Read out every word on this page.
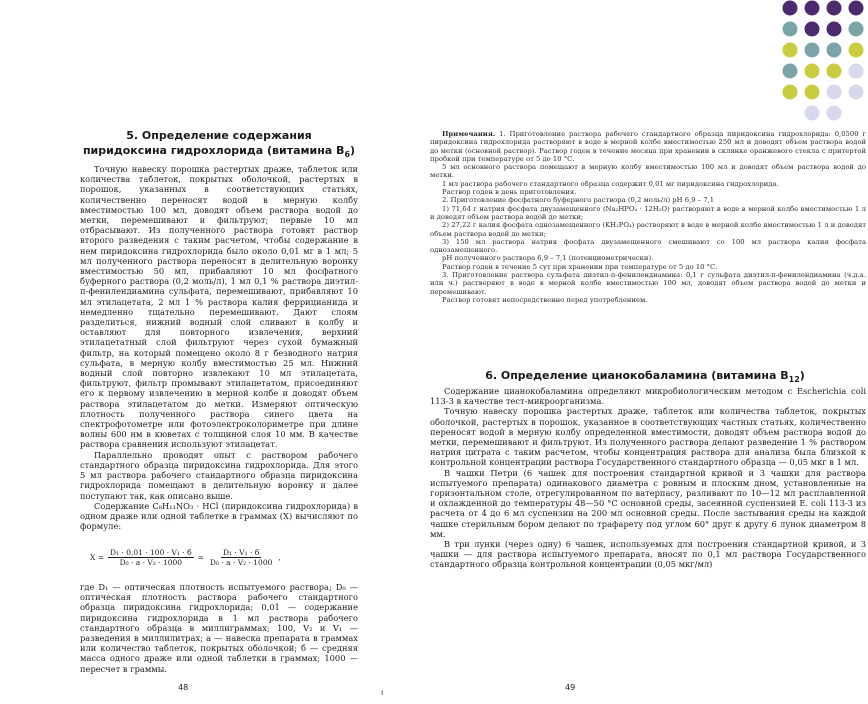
5. Определение содержания
пиридоксина гидрохлорида (витамина $B_6$)

Точную навеску порошка растертых драже, таблеток или количества таблеток, покрытых оболочкой, растертых в порошок, указанных в соответствующих статьях, количественно переносят водой в мерную колбу вместимостью 100 мл, доводят объем раствора водой до метки, перемешивают и фильтруют; первые 10 мл отбрасывают. Из полученного раствора готовят раствор второго разведения с таким расчетом, чтобы содержание в нем пиридоксина гидрохлорида было около 0,01 мг в 1 мл; 5 мл полученного раствора переносят в делительную воронку вместимостью 50 мл, прибавляют 10 мл фосфатного буферного раствора (0,2 моль/л), 1 мл 0,1 % раствора диэтил-п-фенилендиамина сульфата, перемешивают, прибавляют 10 мл этилацетата, 2 мл 1 % раствора калия феррицианида и немедленно тщательно перемешивают. Дают слоям разделиться, нижний водный слой сливают в колбу и оставляют для повторного извлечения, верхний этилацетатный слой фильтруют через сухой бумажный фильтр, на который помещено около 8 г безводного натрия сульфата, в мерную колбу вместимостью 25 мл. Нижний водный слой повторно извлекают 10 мл этилацетата, фильтруют, фильтр промывают этилацетатом, присоединяют его к первому извлечению в мерной колбе и доводят объем раствора этилацетатом до метки. Измеряют оптическую плотность полученного раствора синего цвета на спектрофотометре или фотоэлектроколориметре при длине волны 600 нм в кюветах с толщиной слоя 10 мм. В качестве раствора сравнения используют этилацетат.

Параллельно проводят опыт с раствором рабочего стандартного образца пиридоксина гидрохлорида. Для этого 5 мл раствора рабочего стандартного образца пиридоксина гидрохлорида помещают в делительную воронку и далее поступают так, как описано выше.

Содержание C₈H₁₁NO₃ · HCl (пиридоксина гидрохлорида) в одном драже или одной таблетке в граммах (X) вычисляют по формуле:

$X = \frac{\text{D₁ · 0,01 · 100 · V₁ · б}}{\text{D₀ · a · V₂ · 1000}} = \frac{\text{D₁ · V₁ · б}}{\text{D₀ · a · V₂ · 1000}}$ ,

где D₁ — оптическая плотность испытуемого раствора; D₀ — оптическая плотность раствора рабочего стандартного образца пиридоксина гидрохлорида; 0,01 — содержание пиридоксина гидрохлорида в 1 мл раствора рабочего стандартного образца в миллиграммах; 100, V₂ и V₁ — разведения в миллилитрах; a — навеска препарата в граммах или количество таблеток, покрытых оболочкой; б — средняя масса одного драже или одной таблетки в граммах; 1000 — пересчет в граммы.

48
ı

Примечания. 1. Приготовление раствора рабочего стандартного образца пиридоксина гидрохлорида: 0,0500 г пиридоксина гидрохлорида растворяют в воде в мерной колбе вместимостью 250 мл и доводят объем раствора водой до метки (основной раствор). Раствор годен в течение месяца при хранении в склянке оранжевого стекла с притертой пробкой при температуре от 5 до 10 °С.

5 мл основного раствора помещают в мерную колбу вместимостью 100 мл и доводят объем раствора водой до метки.

1 мл раствора рабочего стандартного образца содержит 0,01 мг пиридоксина гидрохлорида.

Раствор годен в день приготовления.

2. Приготовление фосфатного буферного раствора (0,2 моль/л) pH 6,9 – 7,1

1) 71,64 г натрия фосфата двузамещенного (Na₂HPO₄ · 12H₂O) растворяют в воде в мерной колбе вместимостью 1 л и доводят объем раствора водой до метки;

2) 27,22 г калия фосфата однозамещенного (KH₂PO₄) растворяют в воде в мерной колбе вместимостью 1 л и доводят объем раствора водой до метки;

3) 150 мл раствора натрия фосфата двузамещенного смешивают со 100 мл раствора калия фосфата однозамещенного.

pH полученного раствора 6,9 – 7,1 (потенциометрически).

Раствор годен в течение 5 сут при хранении при температуре от 5 до 10 °С.

3. Приготовление раствора сульфата диэтил-п-фенилендиамина: 0,1 г сульфата диэтил-п-фенилендиамина (ч.д.а. или ч.) растворяют в воде в мерной колбе вместимостью 100 мл, доводят объем раствора водой до метки и перемешивают.

Раствор готовят непосредственно перед употреблением.

6. Определение цианокобаламина (витамина $B_{12}$)

Содержание цианокобаламина определяют микробиологическим методом с Escherichia coli 113-3 в качестве тест-микроорганизма.

Точную навеску порошка растертых драже, таблеток или количества таблеток, покрытых оболочкой, растертых в порошок, указанное в соответствующих частных статьях, количественно переносят водой в мерную колбу определенной вместимости, доводят объем раствора водой до метки, перемешивают и фильтруют. Из полученного раствора делают разведение 1 % раствором натрия цитрата с таким расчетом, чтобы концентрация раствора для анализа была близкой к контрольной концентрации раствора Государственного стандартного образца — 0,05 мкг в 1 мл.

В чашки Петри (6 чашек для построения стандартной кривой и 3 чашки для раствора испытуемого препарата) одинакового диаметра с ровным и плоским дном, установленные на горизонтальном столе, отрегулированном по ватерпасу, разливают по 10—12 мл расплавленной и охлажденной до температуры 48—50 °С основной среды, засеянной суспензией E. coli 113-3 из расчета от 4 до 6 мл суспензии на 200 мл основной среды. После застывания среды на каждой чашке стерильным бором делают по трафарету под углом 60° друг к другу 6 лунок диаметром 8 мм.

В три лунки (через одну) 6 чашек, используемых для построения стандартной кривой, и 3 чашки — для раствора испытуемого препарата, вносят по 0,1 мл раствора Государственного стандартного образца контрольной концентрации (0,05 мкг/мл)

49
